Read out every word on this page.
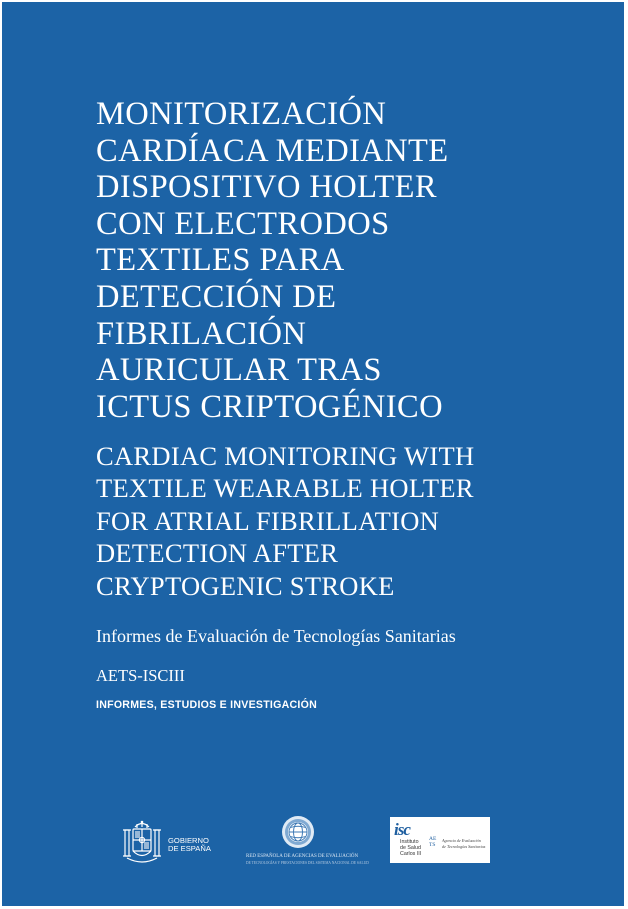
MONITORIZACIÓN
CARDÍACA MEDIANTE
DISPOSITIVO HOLTER
CON ELECTRODOS
TEXTILES PARA
DETECCIÓN DE
FIBRILACIÓN
AURICULAR TRAS
ICTUS CRIPTOGÉNICO
CARDIAC MONITORING WITH
TEXTILE WEARABLE HOLTER
FOR ATRIAL FIBRILLATION
DETECTION AFTER
CRYPTOGENIC STROKE
Informes de Evaluación de Tecnologías Sanitarias
AETS-ISCIII
INFORMES, ESTUDIOS E INVESTIGACIÓN
GOBIERNO
DE ESPAÑA
RED ESPAÑOLA DE AGENCIAS DE EVALUACIÓN
DE TECNOLOGÍAS Y PRESTACIONES DEL SISTEMA NACIONAL DE SALUD
isc
Instituto
de Salud
Carlos III
AE
TS
Agencia de Evaluación
de Tecnologías Sanitarias
